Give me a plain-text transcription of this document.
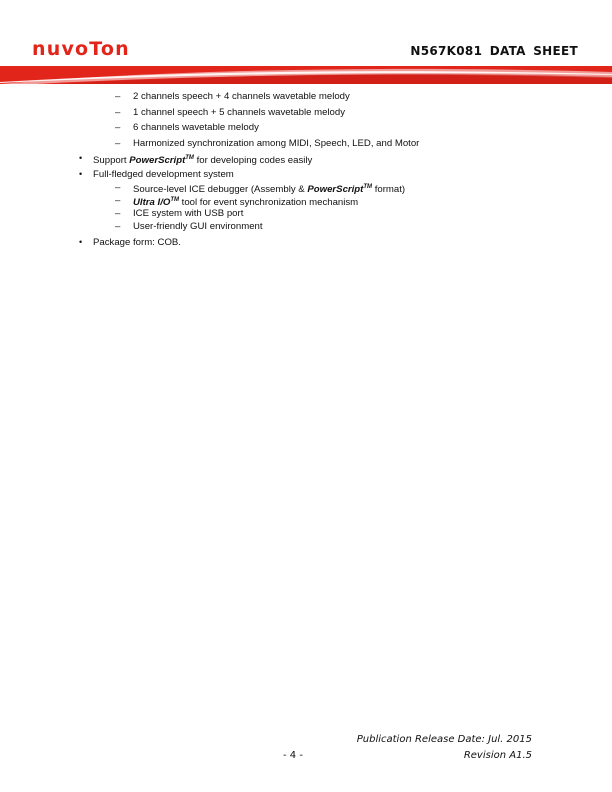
nuvoTon	N567K081 DATA SHEET
– 2 channels speech + 4 channels wavetable melody
– 1 channel speech + 5 channels wavetable melody
– 6 channels wavetable melody
– Harmonized synchronization among MIDI, Speech, LED, and Motor
• Support PowerScript™ for developing codes easily
• Full-fledged development system
– Source-level ICE debugger (Assembly & PowerScript™ format)
– Ultra I/O™ tool for event synchronization mechanism
– ICE system with USB port
– User-friendly GUI environment
• Package form: COB.
Publication Release Date: Jul. 2015
- 4 -	Revision A1.5
